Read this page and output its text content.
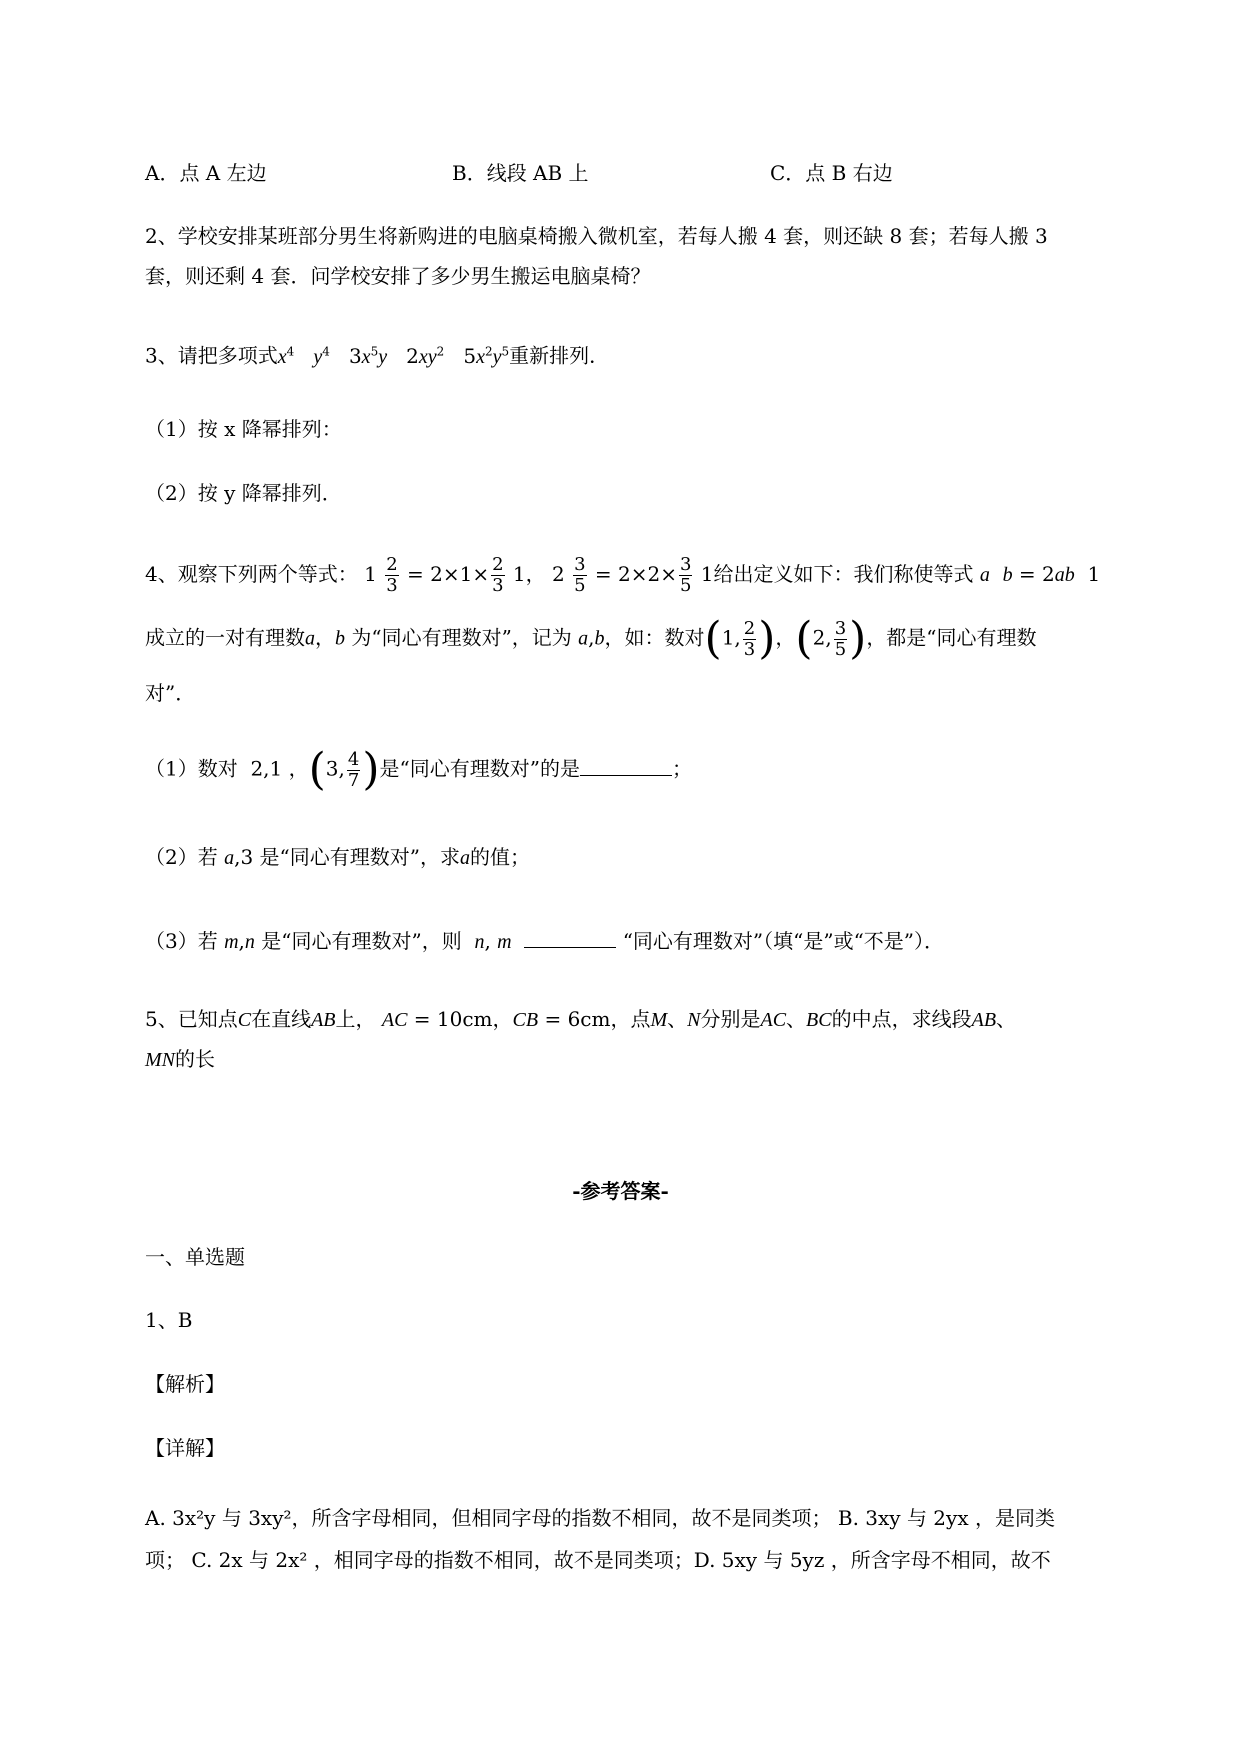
A．点 A 左边	B．线段 AB 上	C．点 B 右边
2、学校安排某班部分男生将新购进的电脑桌椅搬入微机室，若每人搬 4 套，则还缺 8 套；若每人搬 3
套，则还剩 4 套．问学校安排了多少男生搬运电脑桌椅？
3、请把多项式$x^4$ $y^4$   $3x^5y$   $2xy^2$   $5x^2y^5$重新排列．
（1）按 x 降幂排列：
（2）按 y 降幂排列．
4、观察下列两个等式： $1 \frac{2}{3} = 2\times 1\times \frac{2}{3} 1$， $2 \frac{3}{5} = 2\times 2\times \frac{3}{5} 1$给出定义如下：我们称使等式 a b = 2ab  1
成立的一对有理数a，b 为“同心有理数对”，记为 a,b，如：数对(1, $\frac{2}{3}$ )，(2, $\frac{3}{5}$ )，都是“同心有理数
对”．
（1）数对  2,1 ，(3, $\frac{4}{7}$ )是“同心有理数对”的是	；
（2）若 a,3 是“同心有理数对”，求a的值；
（3）若 m,n 是“同心有理数对”，则 n, m	“同心有理数对”（填“是”或“不是”）．
5、已知点C在直线AB上， AC = 10cm，CB = 6cm，点M、N分别是AC、BC的中点，求线段AB、
MN的长
-参考答案-
一、单选题
1、B
【解析】
【详解】
A. 3x²y 与 3xy²，所含字母相同，但相同字母的指数不相同，故不是同类项； B. 3xy 与 2yx ，是同类
项； C. 2x 与 2x² ，相同字母的指数不相同，故不是同类项；D. 5xy 与 5yz ，所含字母不相同，故不
